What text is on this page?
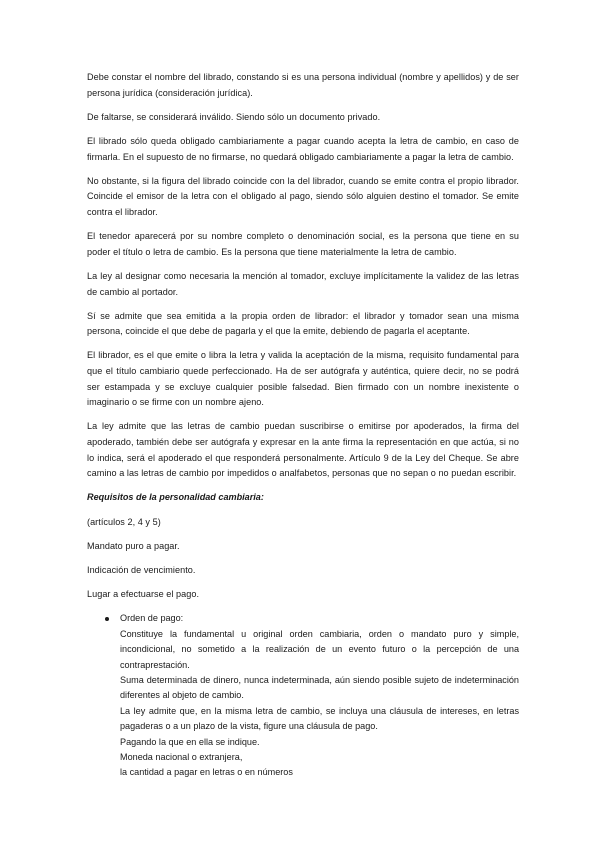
Debe constar el nombre del librado, constando si es una persona individual (nombre y apellidos) y de ser persona jurídica (consideración jurídica).

De faltarse, se considerará inválido. Siendo sólo un documento privado.

El librado sólo queda obligado cambiariamente a pagar cuando acepta la letra de cambio, en caso de firmarla. En el supuesto de no firmarse, no quedará obligado cambiariamente a pagar la letra de cambio.

No obstante, si la figura del librado coincide con la del librador, cuando se emite contra el propio librador. Coincide el emisor de la letra con el obligado al pago, siendo sólo alguien destino el tomador. Se emite contra el librador.

El tenedor aparecerá por su nombre completo o denominación social, es la persona que tiene en su poder el título o letra de cambio. Es la persona que tiene materialmente la letra de cambio.

La ley al designar como necesaria la mención al tomador, excluye implícitamente la validez de las letras de cambio al portador.

Sí se admite que sea emitida a la propia orden de librador: el librador y tomador sean una misma persona, coincide el que debe de pagarla y el que la emite, debiendo de pagarla el aceptante.

El librador, es el que emite o libra la letra y valida la aceptación de la misma, requisito fundamental para que el título cambiario quede perfeccionado. Ha de ser autógrafa y auténtica, quiere decir, no se podrá ser estampada y se excluye cualquier posible falsedad. Bien firmado con un nombre inexistente o imaginario o se firme con un nombre ajeno.

La ley admite que las letras de cambio puedan suscribirse o emitirse por apoderados, la firma del apoderado, también debe ser autógrafa y expresar en la ante firma la representación en que actúa, si no lo indica, será el apoderado el que responderá personalmente. Artículo 9 de la Ley del Cheque. Se abre camino a las letras de cambio por impedidos o analfabetos, personas que no sepan o no puedan escribir.

Requisitos de la personalidad cambiaria:

(artículos 2, 4 y 5)

Mandato puro a pagar.

Indicación de vencimiento.

Lugar a efectuarse el pago.

Orden de pago:

Constituye la fundamental u original orden cambiaria, orden o mandato puro y simple, incondicional, no sometido a la realización de un evento futuro o la percepción de una contraprestación.

Suma determinada de dinero, nunca indeterminada, aún siendo posible sujeto de indeterminación diferentes al objeto de cambio.

La ley admite que, en la misma letra de cambio, se incluya una cláusula de intereses, en letras pagaderas o a un plazo de la vista, figure una cláusula de pago.

Pagando la que en ella se indique.

Moneda nacional o extranjera,

la cantidad a pagar en letras o en números
